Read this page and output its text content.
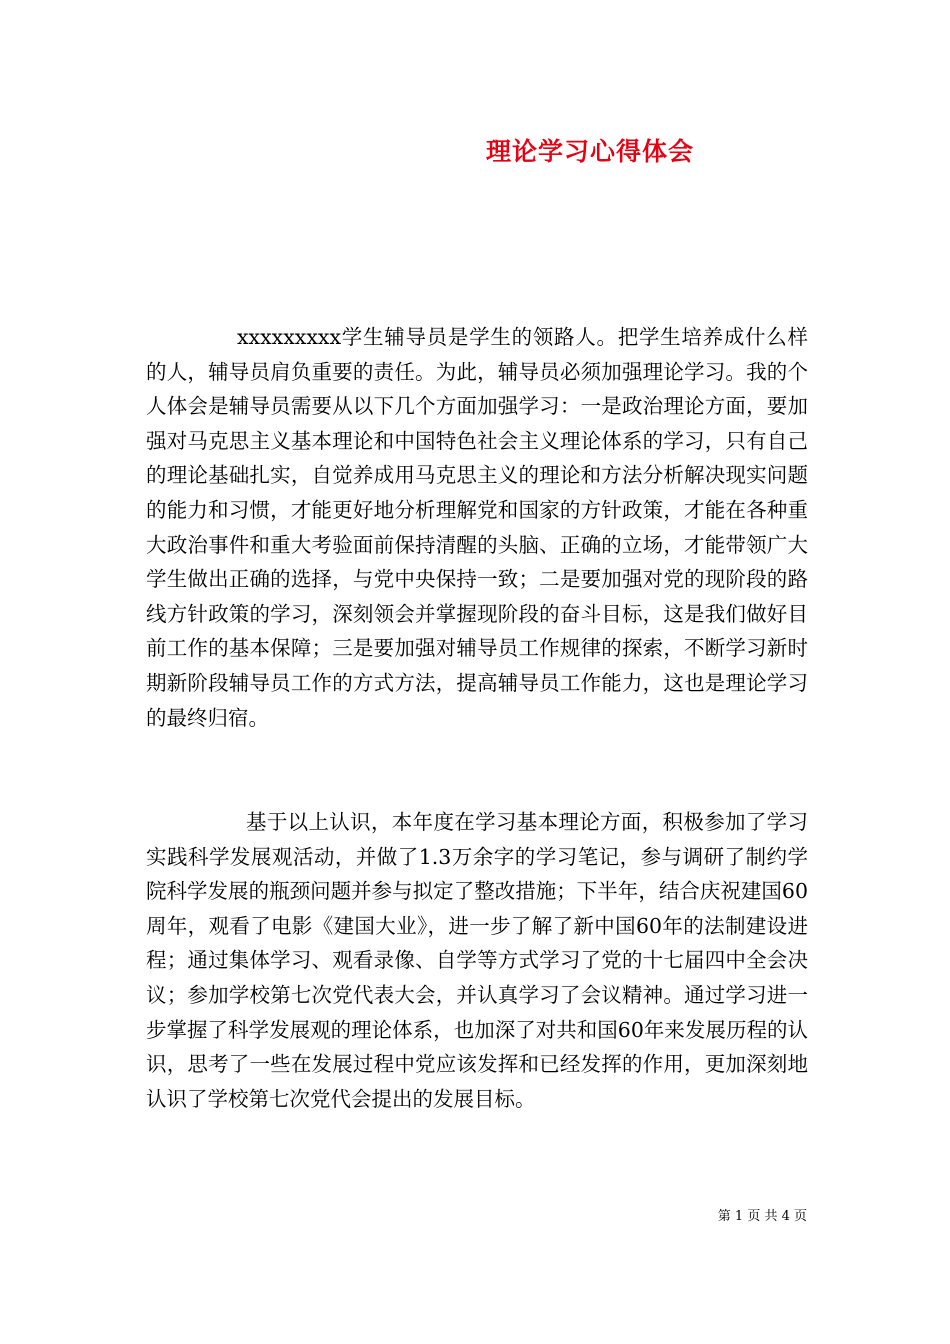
理论学习心得体会

xxxxxxxxx学生辅导员是学生的领路人。把学生培养成什么样的人，辅导员肩负重要的责任。为此，辅导员必须加强理论学习。我的个人体会是辅导员需要从以下几个方面加强学习：一是政治理论方面，要加强对马克思主义基本理论和中国特色社会主义理论体系的学习，只有自己的理论基础扎实，自觉养成用马克思主义的理论和方法分析解决现实问题的能力和习惯，才能更好地分析理解党和国家的方针政策，才能在各种重大政治事件和重大考验面前保持清醒的头脑、正确的立场，才能带领广大学生做出正确的选择，与党中央保持一致；二是要加强对党的现阶段的路线方针政策的学习，深刻领会并掌握现阶段的奋斗目标，这是我们做好目前工作的基本保障；三是要加强对辅导员工作规律的探索，不断学习新时期新阶段辅导员工作的方式方法，提高辅导员工作能力，这也是理论学习的最终归宿。

基于以上认识，本年度在学习基本理论方面，积极参加了学习实践科学发展观活动，并做了1.3万余字的学习笔记，参与调研了制约学院科学发展的瓶颈问题并参与拟定了整改措施；下半年，结合庆祝建国60周年，观看了电影《建国大业》，进一步了解了新中国60年的法制建设进程；通过集体学习、观看录像、自学等方式学习了党的十七届四中全会决议；参加学校第七次党代表大会，并认真学习了会议精神。通过学习进一步掌握了科学发展观的理论体系，也加深了对共和国60年来发展历程的认识，思考了一些在发展过程中党应该发挥和已经发挥的作用，更加深刻地认识了学校第七次党代会提出的发展目标。

第 1 页 共 4 页
